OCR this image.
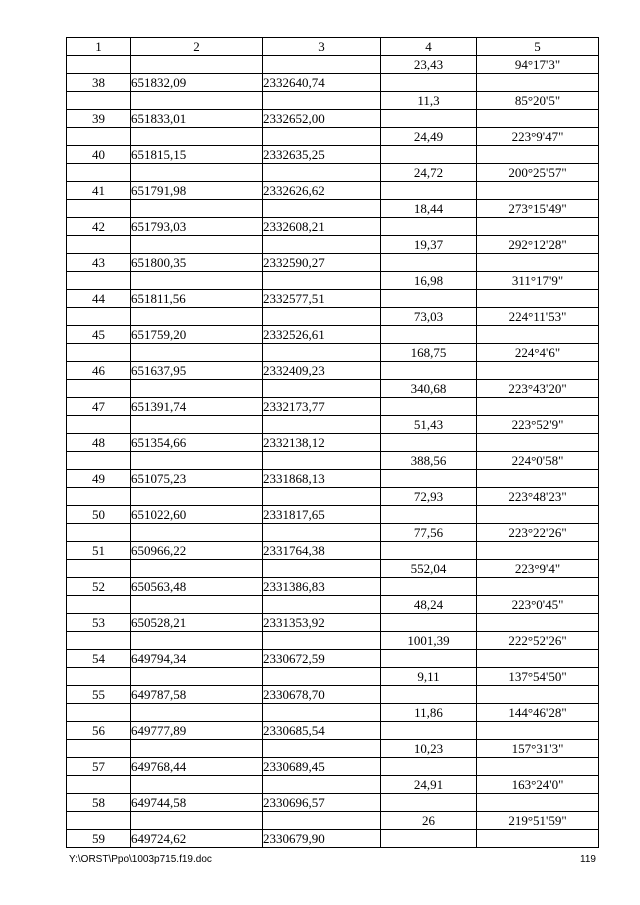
1	2	3	4	5
			23,43	94°17'3"
38	651832,09	2332640,74		
			11,3	85°20'5"
39	651833,01	2332652,00		
			24,49	223°9'47"
40	651815,15	2332635,25		
			24,72	200°25'57"
41	651791,98	2332626,62		
			18,44	273°15'49"
42	651793,03	2332608,21		
			19,37	292°12'28"
43	651800,35	2332590,27		
			16,98	311°17'9"
44	651811,56	2332577,51		
			73,03	224°11'53"
45	651759,20	2332526,61		
			168,75	224°4'6"
46	651637,95	2332409,23		
			340,68	223°43'20"
47	651391,74	2332173,77		
			51,43	223°52'9"
48	651354,66	2332138,12		
			388,56	224°0'58"
49	651075,23	2331868,13		
			72,93	223°48'23"
50	651022,60	2331817,65		
			77,56	223°22'26"
51	650966,22	2331764,38		
			552,04	223°9'4"
52	650563,48	2331386,83		
			48,24	223°0'45"
53	650528,21	2331353,92		
			1001,39	222°52'26"
54	649794,34	2330672,59		
			9,11	137°54'50"
55	649787,58	2330678,70		
			11,86	144°46'28"
56	649777,89	2330685,54		
			10,23	157°31'3"
57	649768,44	2330689,45		
			24,91	163°24'0"
58	649744,58	2330696,57		
			26	219°51'59"
59	649724,62	2330679,90		
Y:\ORST\Ppo\1003p715.f19.doc	119
